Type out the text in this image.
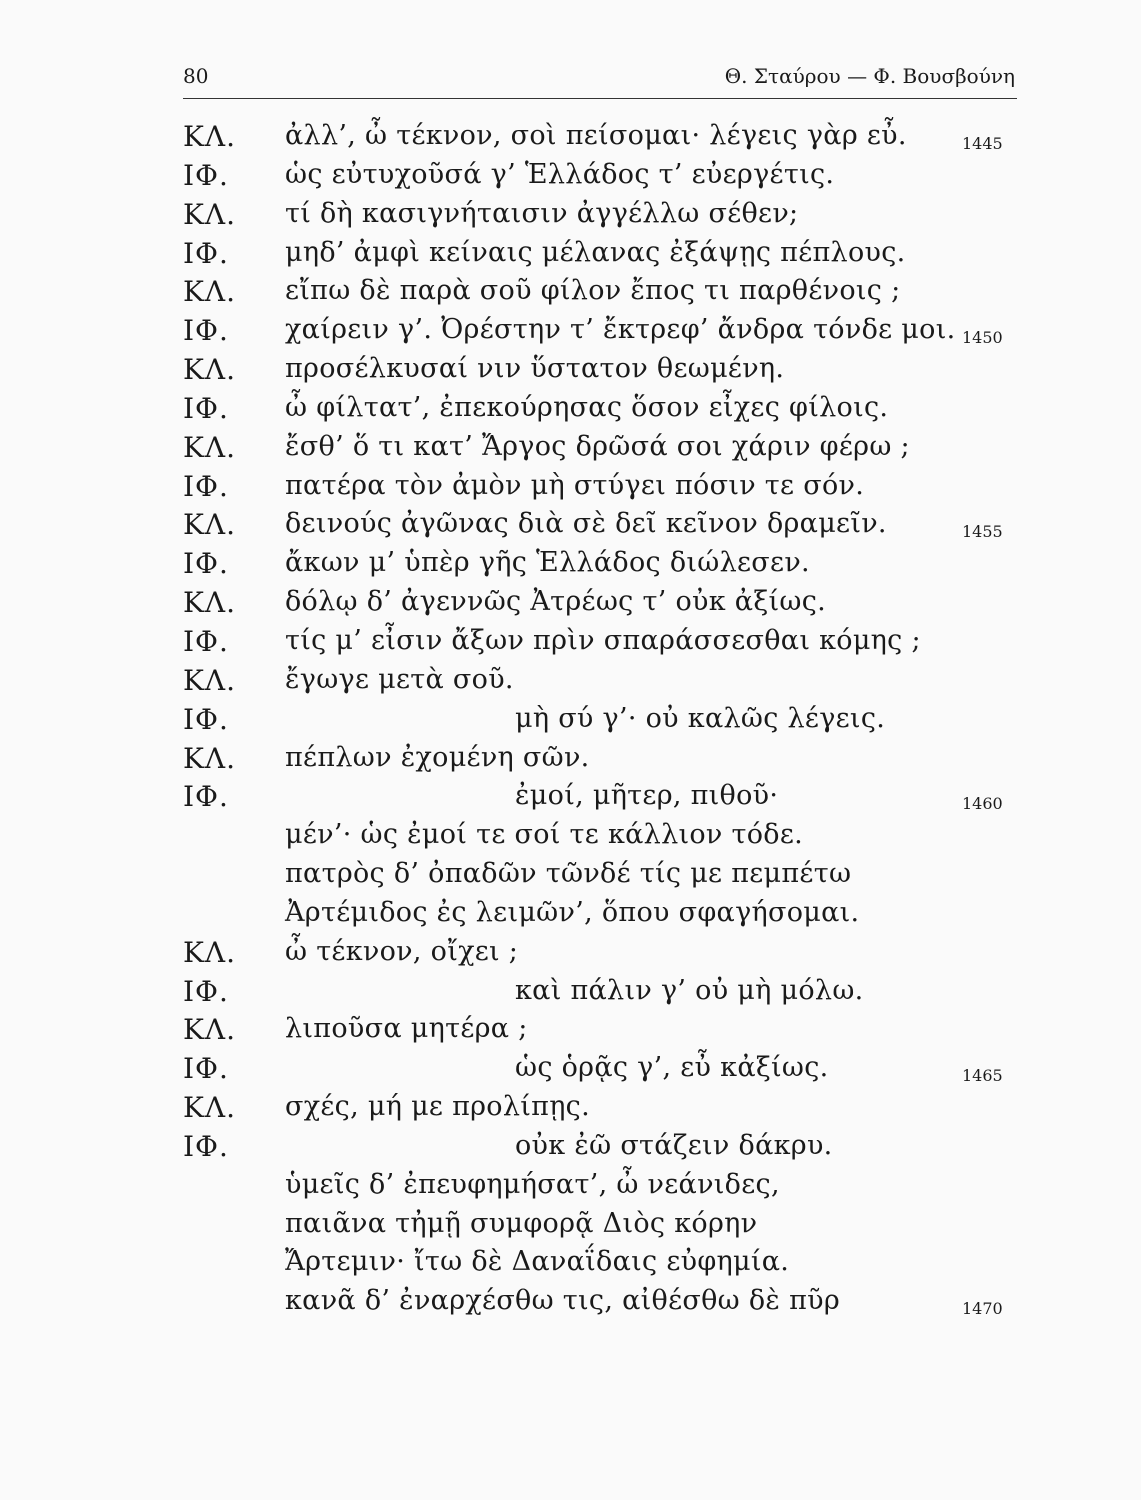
80	Θ. Σταύρου — Φ. Βουσβούνη
ΚΛ. ἀλλ’, ὦ τέκνον, σοὶ πείσομαι· λέγεις γὰρ εὖ.	1445
ΙΦ. ὡς εὐτυχοῦσά γ’ Ἑλλάδος τ’ εὐεργέτις.
ΚΛ. τί δὴ κασιγνήταισιν ἀγγέλλω σέθεν;
ΙΦ. μηδ’ ἀμφὶ κείναις μέλανας ἐξάψῃς πέπλους.
ΚΛ. εἴπω δὲ παρὰ σοῦ φίλον ἔπος τι παρθένοις ;
ΙΦ. χαίρειν γ’. Ὀρέστην τ’ ἔκτρεφ’ ἄνδρα τόνδε μοι. 1450
ΚΛ. προσέλκυσαί νιν ὕστατον θεωμένη.
ΙΦ. ὦ φίλτατ’, ἐπεκούρησας ὅσον εἶχες φίλοις.
ΚΛ. ἔσθ’ ὅ τι κατ’ Ἄργος δρῶσά σοι χάριν φέρω ;
ΙΦ. πατέρα τὸν ἀμὸν μὴ στύγει πόσιν τε σόν.
ΚΛ. δεινούς ἀγῶνας διὰ σὲ δεῖ κεῖνον δραμεῖν.	1455
ΙΦ. ἄκων μ’ ὑπὲρ γῆς Ἑλλάδος διώλεσεν.
ΚΛ. δόλῳ δ’ ἀγεννῶς Ἀτρέως τ’ οὐκ ἀξίως.
ΙΦ. τίς μ’ εἶσιν ἄξων πρὶν σπαράσσεσθαι κόμης ;
ΚΛ. ἔγωγε μετὰ σοῦ.
ΙΦ.	μὴ σύ γ’· οὐ καλῶς λέγεις.
ΚΛ. πέπλων ἐχομένη σῶν.
ΙΦ.	ἐμοί, μῆτερ, πιθοῦ·	1460
μέν’· ὡς ἐμοί τε σοί τε κάλλιον τόδε.
πατρὸς δ’ ὀπαδῶν τῶνδέ τίς με πεμπέτω
Ἀρτέμιδος ἐς λειμῶν’, ὅπου σφαγήσομαι.
ΚΛ. ὦ τέκνον, οἴχει ;
ΙΦ.	καὶ πάλιν γ’ οὐ μὴ μόλω.
ΚΛ. λιποῦσα μητέρα ;
ΙΦ.	ὡς ὁρᾷς γ’, εὖ κἀξίως.	1465
ΚΛ. σχές, μή με προλίπῃς.
ΙΦ.	οὐκ ἐῶ στάζειν δάκρυ.
ὑμεῖς δ’ ἐπευφημήσατ’, ὦ νεάνιδες,
παιᾶνα τἠμῇ συμφορᾷ Διὸς κόρην
Ἄρτεμιν· ἴτω δὲ Δαναΐδαις εὐφημία.
κανᾶ δ’ ἐναρχέσθω τις, αἰθέσθω δὲ πῦρ	1470
